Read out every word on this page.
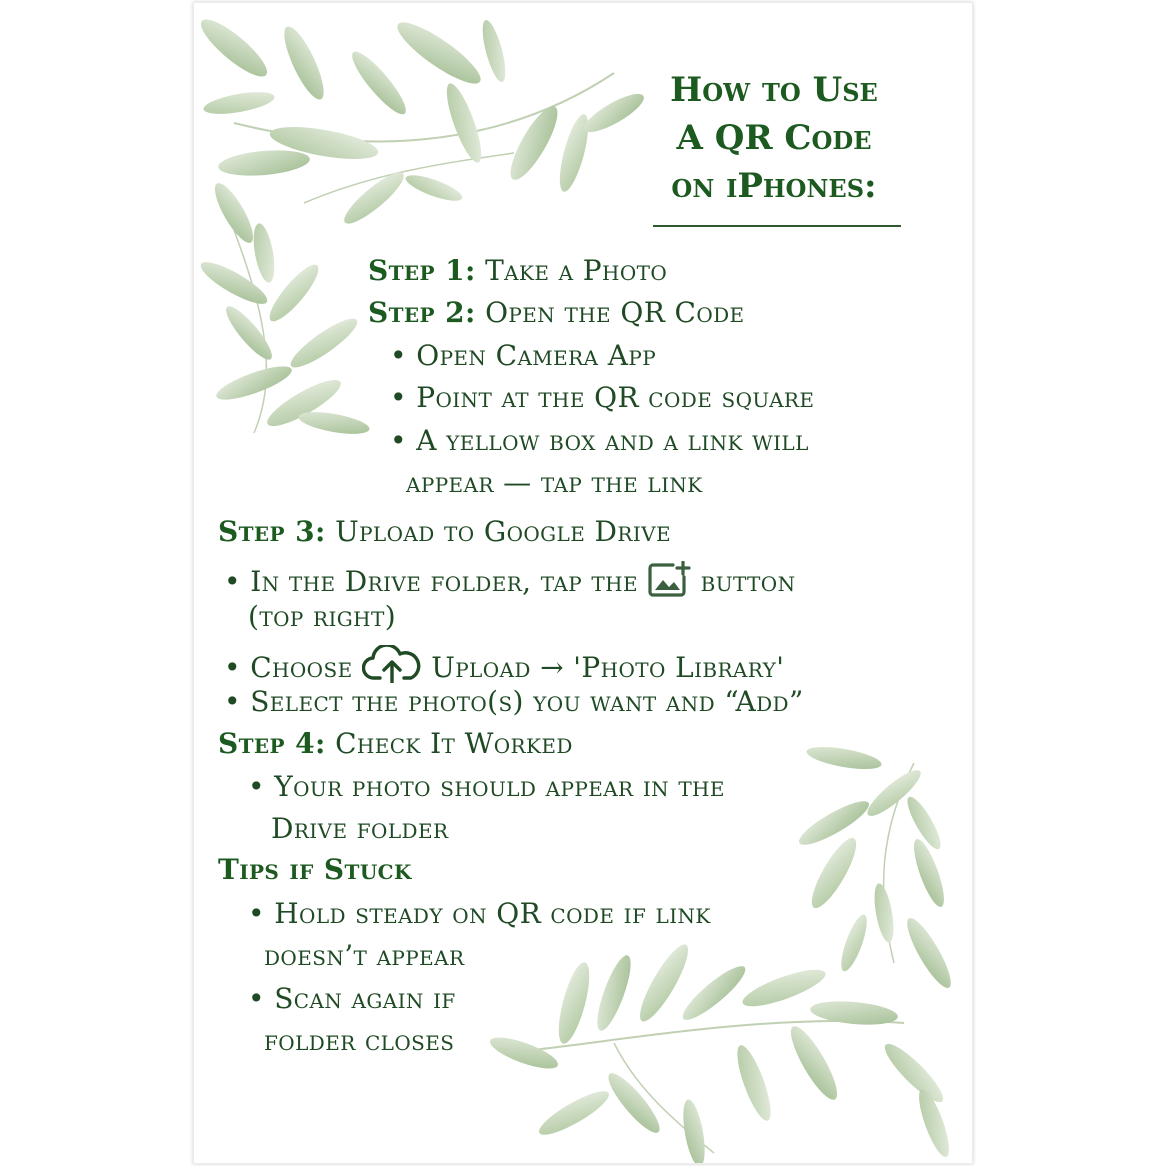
How to Use
A QR Code
on iPhones:
Step 1: Take a Photo
Step 2: Open the QR Code
• Open Camera App
• Point at the QR code square
• A yellow box and a link will
appear — tap the link
Step 3: Upload to Google Drive
• In the Drive folder, tap the  button
(top right)
• Choose  Upload → 'Photo Library'
• Select the photo(s) you want and “Add”
Step 4: Check It Worked
• Your photo should appear in the
Drive folder
Tips if Stuck
• Hold steady on QR code if link
doesn’t appear
• Scan again if
folder closes
